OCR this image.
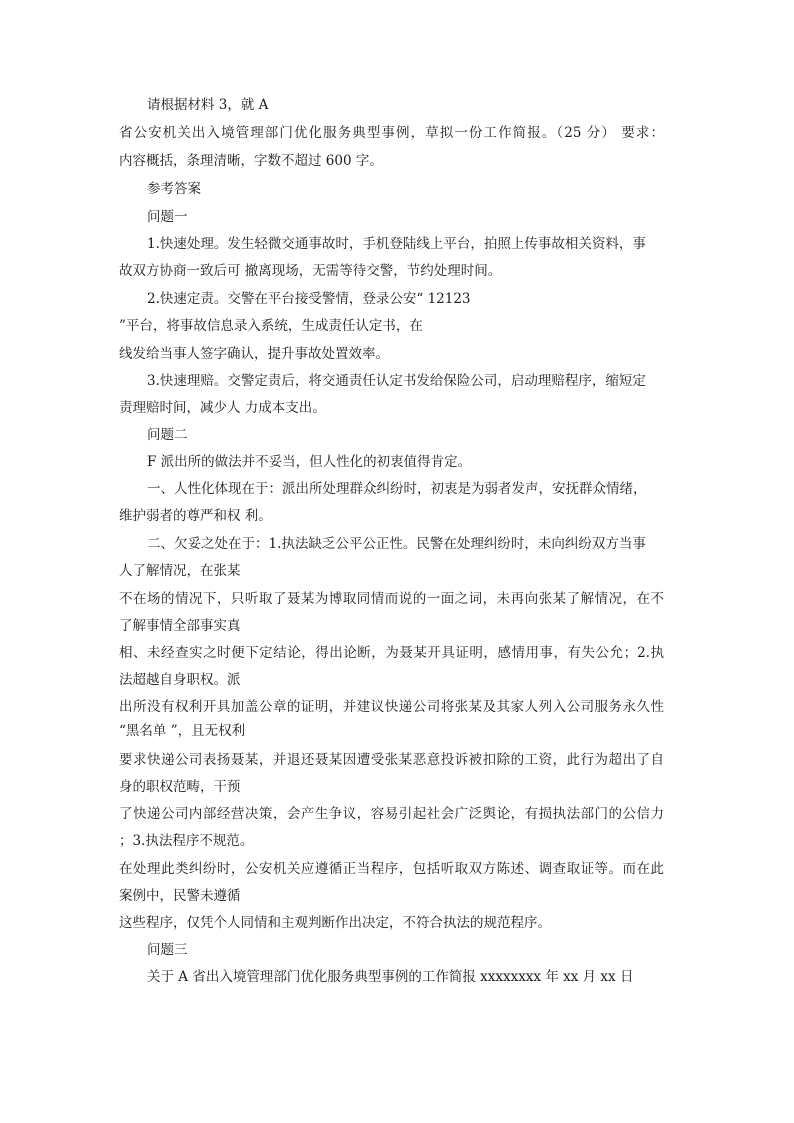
请根据材料 3，就 A
省公安机关出入境管理部门优化服务典型事例，草拟一份工作简报。（25 分） 要求：
内容概括，条理清晰，字数不超过 600 字。
参考答案
问题一
1.快速处理。发生轻微交通事故时，手机登陆线上平台，拍照上传事故相关资料，事
故双方协商一致后可 撤离现场，无需等待交警，节约处理时间。
2.快速定责。交警在平台接受警情，登录公安“ 12123
”平台，将事故信息录入系统，生成责任认定书，在
线发给当事人签字确认，提升事故处置效率。
3.快速理赔。交警定责后，将交通责任认定书发给保险公司，启动理赔程序，缩短定
责理赔时间，减少人 力成本支出。
问题二
F 派出所的做法并不妥当，但人性化的初衷值得肯定。
一、人性化体现在于：派出所处理群众纠纷时，初衷是为弱者发声，安抚群众情绪，
维护弱者的尊严和权 利。
二、欠妥之处在于：1.执法缺乏公平公正性。民警在处理纠纷时，未向纠纷双方当事
人了解情况，在张某
不在场的情况下，只听取了聂某为博取同情而说的一面之词，未再向张某了解情况，在不
了解事情全部事实真
相、未经查实之时便下定结论，得出论断，为聂某开具证明，感情用事，有失公允；2.执
法超越自身职权。派
出所没有权利开具加盖公章的证明，并建议快递公司将张某及其家人列入公司服务永久性
“黑名单 ”，且无权利
要求快递公司表扬聂某，并退还聂某因遭受张某恶意投诉被扣除的工资，此行为超出了自
身的职权范畴，干预
了快递公司内部经营决策，会产生争议，容易引起社会广泛舆论，有损执法部门的公信力
；3.执法程序不规范。
在处理此类纠纷时，公安机关应遵循正当程序，包括听取双方陈述、调查取证等。而在此
案例中，民警未遵循
这些程序，仅凭个人同情和主观判断作出决定，不符合执法的规范程序。
问题三
关于 A 省出入境管理部门优化服务典型事例的工作简报 xxxxxxxx 年 xx 月 xx 日
